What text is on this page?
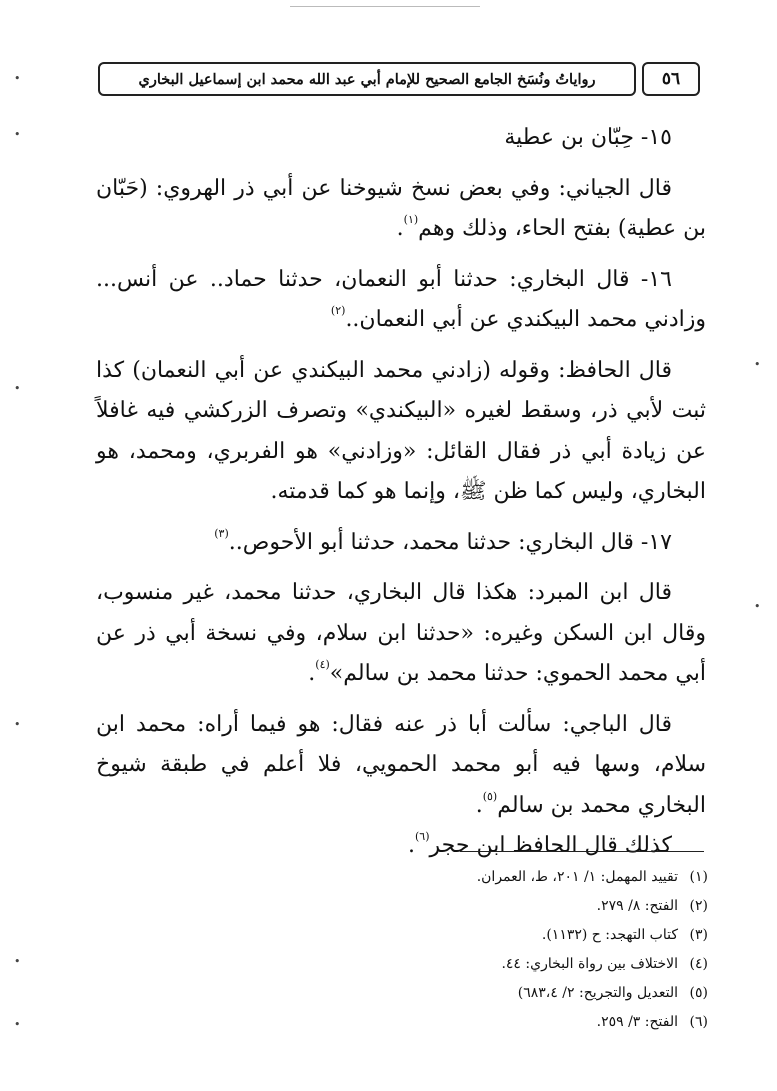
٥٦
رواياتُ ونُسَخ الجامع الصحيح للإمام أبي عبد الله محمد ابن إسماعيل البخاري

١٥- حِبّان بن عطية

قال الجياني: وفي بعض نسخ شيوخنا عن أبي ذر الهروي: (حَبّان بن عطية) بفتح الحاء، وذلك وهم$^{(١)}$.

١٦- قال البخاري: حدثنا أبو النعمان، حدثنا حماد.. عن أنس... وزادني محمد البيكندي عن أبي النعمان..$^{(٢)}$

قال الحافظ: وقوله (زادني محمد البيكندي عن أبي النعمان) كذا ثبت لأبي ذر، وسقط لغيره «البيكندي» وتصرف الزركشي فيه غافلاً عن زيادة أبي ذر فقال القائل: «وزادني» هو الفربري، ومحمد، هو البخاري، وليس كما ظن ﷺ، وإنما هو كما قدمته.

١٧- قال البخاري: حدثنا محمد، حدثنا أبو الأحوص..$^{(٣)}$

قال ابن المبرد: هكذا قال البخاري، حدثنا محمد، غير منسوب، وقال ابن السكن وغيره: «حدثنا ابن سلام، وفي نسخة أبي ذر عن أبي محمد الحموي: حدثنا محمد بن سالم»$^{(٤)}$.

قال الباجي: سألت أبا ذر عنه فقال: هو فيما أراه: محمد ابن سلام، وسها فيه أبو محمد الحمويي، فلا أعلم في طبقة شيوخ البخاري محمد بن سالم$^{(٥)}$.

كذلك قال الحافظ ابن حجر$^{(٦)}$.

(١)تقييد المهمل: ١/ ٢٠١، ط، العمران.
(٢)الفتح: ٨/ ٢٧٩.
(٣)كتاب التهجد: ح (١١٣٢).
(٤)الاختلاف بين رواة البخاري: ٤٤.
(٥)التعديل والتجريح: ٢/ ٦٨٣،٤)
(٦)الفتح: ٣/ ٢٥٩.
•
•
•
•
•
•
•
•
